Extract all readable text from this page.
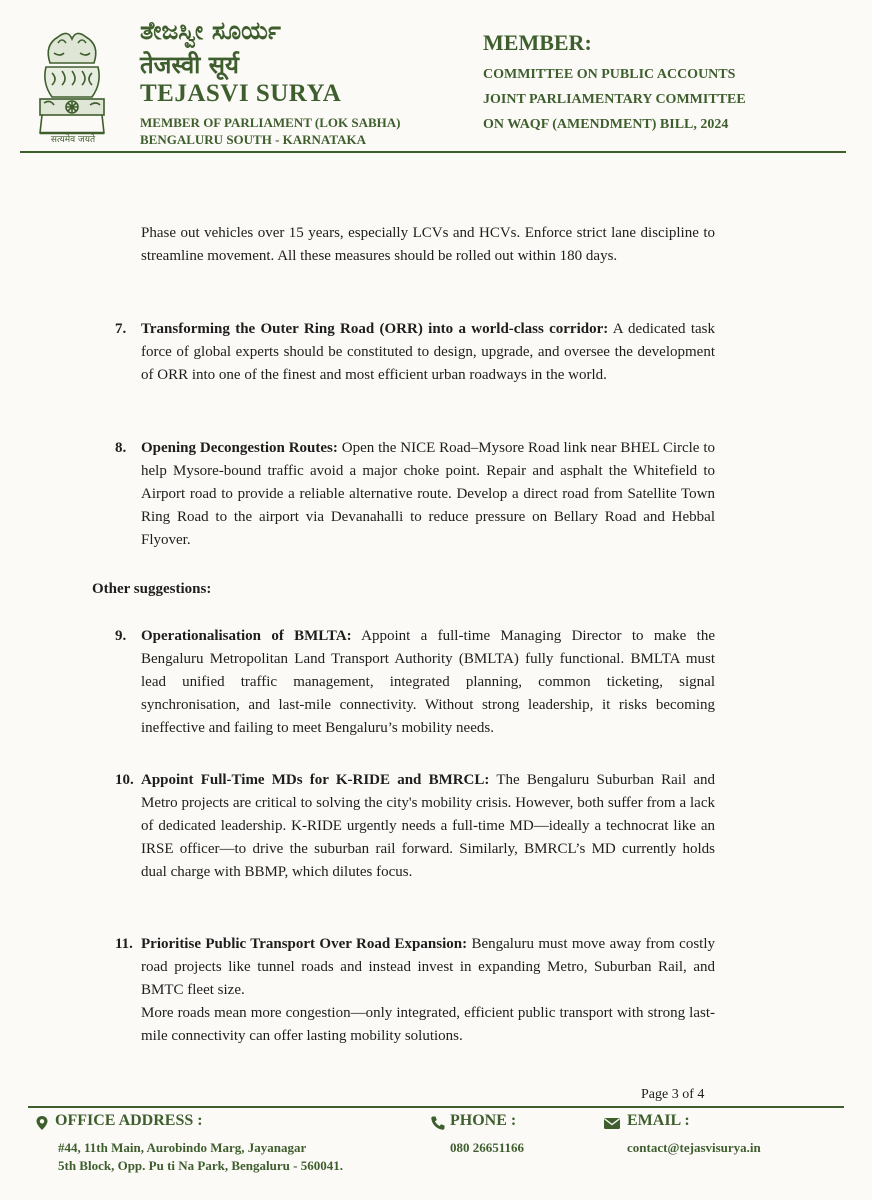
सत्यमेव जयते
ತೇಜಸ್ವೀ ಸೂರ್ಯ
तेजस्वी सूर्य
TEJASVI SURYA
MEMBER OF PARLIAMENT (LOK SABHA)
BENGALURU SOUTH - KARNATAKA
MEMBER:
COMMITTEE ON PUBLIC ACCOUNTS
JOINT PARLIAMENTARY COMMITTEE
ON WAQF (AMENDMENT) BILL, 2024

Phase out vehicles over 15 years, especially LCVs and HCVs. Enforce strict lane discipline to streamline movement. All these measures should be rolled out within 180 days.

7. Transforming the Outer Ring Road (ORR) into a world-class corridor: A dedicated task force of global experts should be constituted to design, upgrade, and oversee the development of ORR into one of the finest and most efficient urban roadways in the world.
8. Opening Decongestion Routes: Open the NICE Road–Mysore Road link near BHEL Circle to help Mysore-bound traffic avoid a major choke point. Repair and asphalt the Whitefield to Airport road to provide a reliable alternative route. Develop a direct road from Satellite Town Ring Road to the airport via Devanahalli to reduce pressure on Bellary Road and Hebbal Flyover.
Other suggestions:
9. Operationalisation of BMLTA: Appoint a full-time Managing Director to make the Bengaluru Metropolitan Land Transport Authority (BMLTA) fully functional. BMLTA must lead unified traffic management, integrated planning, common ticketing, signal synchronisation, and last-mile connectivity. Without strong leadership, it risks becoming ineffective and failing to meet Bengaluru’s mobility needs.
10. Appoint Full-Time MDs for K-RIDE and BMRCL: The Bengaluru Suburban Rail and Metro projects are critical to solving the city's mobility crisis. However, both suffer from a lack of dedicated leadership. K-RIDE urgently needs a full-time MD—ideally a technocrat like an IRSE officer—to drive the suburban rail forward. Similarly, BMRCL’s MD currently holds dual charge with BBMP, which dilutes focus.
11. Prioritise Public Transport Over Road Expansion: Bengaluru must move away from costly road projects like tunnel roads and instead invest in expanding Metro, Suburban Rail, and BMTC fleet size.
More roads mean more congestion—only integrated, efficient public transport with strong last-mile connectivity can offer lasting mobility solutions.
Page 3 of 4
OFFICE ADDRESS :
#44, 11th Main, Aurobindo Marg, Jayanagar
5th Block, Opp. Pu ti Na Park, Bengaluru - 560041.
PHONE :
080 26651166
EMAIL :
contact@tejasvisurya.in
